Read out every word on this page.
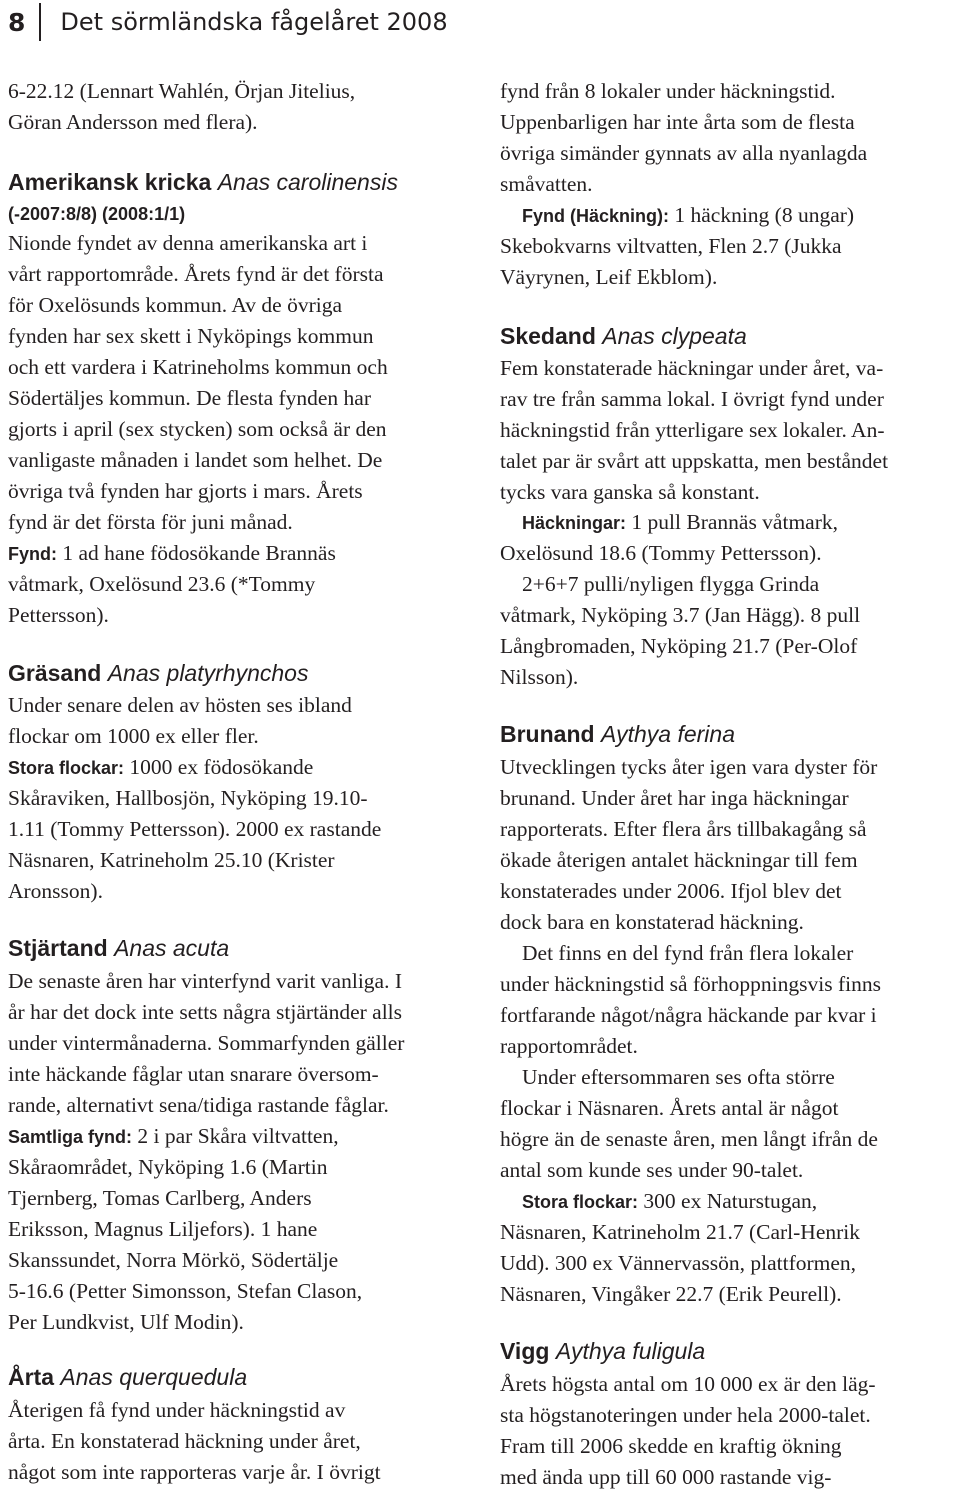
8 Det sörmländska fågelåret 2008
6-22.12 (Lennart Wahlén, Örjan Jitelius,
Göran Andersson med flera).
Amerikansk kricka Anas carolinensis
(-2007:8/8) (2008:1/1)
Nionde fyndet av denna amerikanska art i
vårt rapportområde. Årets fynd är det första
för Oxelösunds kommun. Av de övriga
fynden har sex skett i Nyköpings kommun
och ett vardera i Katrineholms kommun och
Södertäljes kommun. De flesta fynden har
gjorts i april (sex stycken) som också är den
vanligaste månaden i landet som helhet. De
övriga två fynden har gjorts i mars. Årets
fynd är det första för juni månad.
Fynd: 1 ad hane födosökande Brannäs
våtmark, Oxelösund 23.6 (*Tommy
Pettersson).
Gräsand Anas platyrhynchos
Under senare delen av hösten ses ibland
flockar om 1000 ex eller fler.
Stora flockar: 1000 ex födosökande
Skåraviken, Hallbosjön, Nyköping 19.10-
1.11 (Tommy Pettersson). 2000 ex rastande
Näsnaren, Katrineholm 25.10 (Krister
Aronsson).
Stjärtand Anas acuta
De senaste åren har vinterfynd varit vanliga. I
år har det dock inte setts några stjärtänder alls
under vintermånaderna. Sommarfynden gäller
inte häckande fåglar utan snarare översom-
rande, alternativt sena/tidiga rastande fåglar.
Samtliga fynd: 2 i par Skåra viltvatten,
Skåraområdet, Nyköping 1.6 (Martin
Tjernberg, Tomas Carlberg, Anders
Eriksson, Magnus Liljefors). 1 hane
Skanssundet, Norra Mörkö, Södertälje
5-16.6 (Petter Simonsson, Stefan Clason,
Per Lundkvist, Ulf Modin).
Årta Anas querquedula
Återigen få fynd under häckningstid av
årta. En konstaterad häckning under året,
något som inte rapporteras varje år. I övrigt
fynd från 8 lokaler under häckningstid.
Uppenbarligen har inte årta som de flesta
övriga simänder gynnats av alla nyanlagda
småvatten.
Fynd (Häckning): 1 häckning (8 ungar)
Skebokvarns viltvatten, Flen 2.7 (Jukka
Väyrynen, Leif Ekblom).
Skedand Anas clypeata
Fem konstaterade häckningar under året, va-
rav tre från samma lokal. I övrigt fynd under
häckningstid från ytterligare sex lokaler. An-
talet par är svårt att uppskatta, men beståndet
tycks vara ganska så konstant.
Häckningar: 1 pull Brannäs våtmark,
Oxelösund 18.6 (Tommy Pettersson).
2+6+7 pulli/nyligen flygga Grinda
våtmark, Nyköping 3.7 (Jan Hägg). 8 pull
Långbromaden, Nyköping 21.7 (Per-Olof
Nilsson).
Brunand Aythya ferina
Utvecklingen tycks åter igen vara dyster för
brunand. Under året har inga häckningar
rapporterats. Efter flera års tillbakagång så
ökade återigen antalet häckningar till fem
konstaterades under 2006. Ifjol blev det
dock bara en konstaterad häckning.
Det finns en del fynd från flera lokaler
under häckningstid så förhoppningsvis finns
fortfarande något/några häckande par kvar i
rapportområdet.
Under eftersommaren ses ofta större
flockar i Näsnaren. Årets antal är något
högre än de senaste åren, men långt ifrån de
antal som kunde ses under 90-talet.
Stora flockar: 300 ex Naturstugan,
Näsnaren, Katrineholm 21.7 (Carl-Henrik
Udd). 300 ex Vännervassön, plattformen,
Näsnaren, Vingåker 22.7 (Erik Peurell).
Vigg Aythya fuligula
Årets högsta antal om 10 000 ex är den läg-
sta högstanoteringen under hela 2000-talet.
Fram till 2006 skedde en kraftig ökning
med ända upp till 60 000 rastande vig-
